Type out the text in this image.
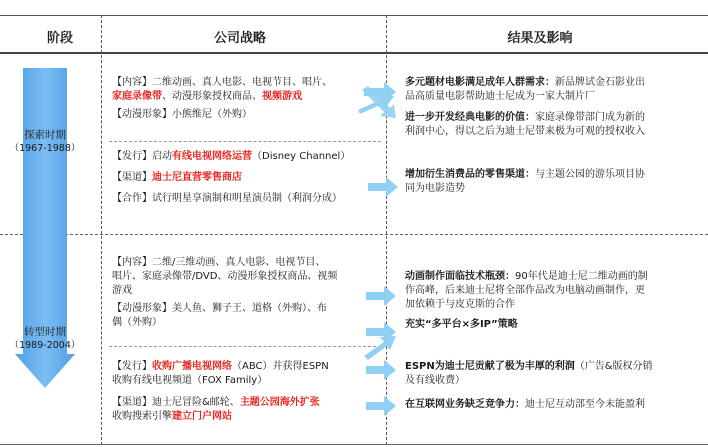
阶段	公司战略	结果及影响
探索时期
（1967-1988）
转型时期
（1989-2004）
【内容】二维动画、真人电影、电视节目、唱片、
家庭录像带、动漫形象授权商品、视频游戏
【动漫形象】小熊维尼（外购）
【发行】启动有线电视网络运营（Disney Channel）
【渠道】迪士尼直营零售商店
【合作】试行明星享演制和明星演员制（利润分成）
【内容】二维/三维动画、真人电影、电视节目、
唱片、家庭录像带/DVD、动漫形象授权商品、视频
游戏
【动漫形象】美人鱼、狮子王、道格（外购）、布
偶（外购）
【发行】收购广播电视网络（ABC）并获得ESPN
收购有线电视频道（FOX Family）
【渠道】迪士尼冒险&邮轮、主题公园海外扩张
收购搜索引擎建立门户网站
多元题材电影满足成年人群需求：新品牌试金石影业出
品高质量电影帮助迪士尼成为一家大制片厂
进一步开发经典电影的价值：家庭录像带部门成为新的
利润中心，得以之后为迪士尼带来极为可观的授权收入
增加衍生消费品的零售渠道：与主题公园的游乐项目协
同为电影造势
动画制作面临技术瓶颈：90年代是迪士尼二维动画的制
作高峰，后来迪士尼将全部作品改为电脑动画制作，更
加依赖于与皮克斯的合作
充实“多平台×多IP”策略
ESPN为迪士尼贡献了极为丰厚的利润（广告&版权分销
及有线收费）
在互联网业务缺乏竞争力：迪士尼互动部至今未能盈利
